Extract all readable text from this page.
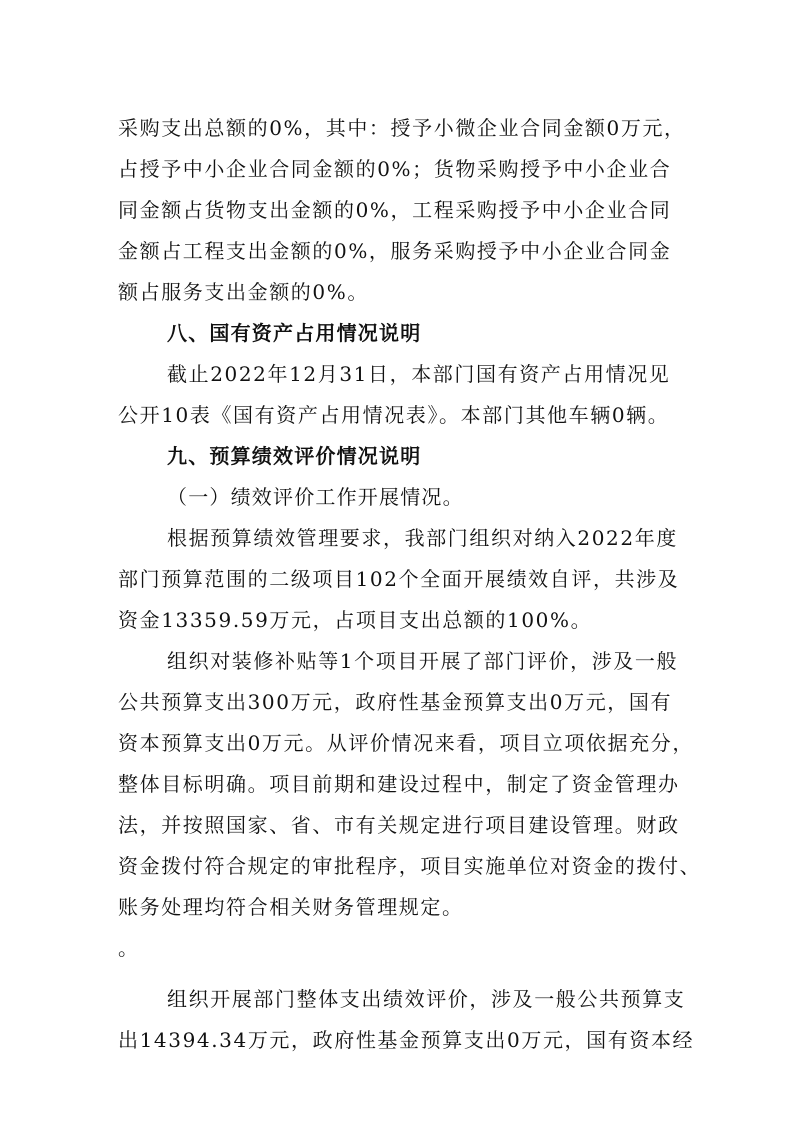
采购支出总额的0%，其中：授予小微企业合同金额0万元，
占授予中小企业合同金额的0%；货物采购授予中小企业合
同金额占货物支出金额的0%，工程采购授予中小企业合同
金额占工程支出金额的0%，服务采购授予中小企业合同金
额占服务支出金额的0%。
八、国有资产占用情况说明
截止2022年12月31日，本部门国有资产占用情况见
公开10表《国有资产占用情况表》。本部门其他车辆0辆。
九、预算绩效评价情况说明
（一）绩效评价工作开展情况。
根据预算绩效管理要求，我部门组织对纳入2022年度
部门预算范围的二级项目102个全面开展绩效自评，共涉及
资金13359.59万元，占项目支出总额的100%。
组织对装修补贴等1个项目开展了部门评价，涉及一般
公共预算支出300万元，政府性基金预算支出0万元，国有
资本预算支出0万元。从评价情况来看，项目立项依据充分，
整体目标明确。项目前期和建设过程中，制定了资金管理办
法，并按照国家、省、市有关规定进行项目建设管理。财政
资金拨付符合规定的审批程序，项目实施单位对资金的拨付、
账务处理均符合相关财务管理规定。
。
组织开展部门整体支出绩效评价，涉及一般公共预算支
出14394.34万元，政府性基金预算支出0万元，国有资本经
